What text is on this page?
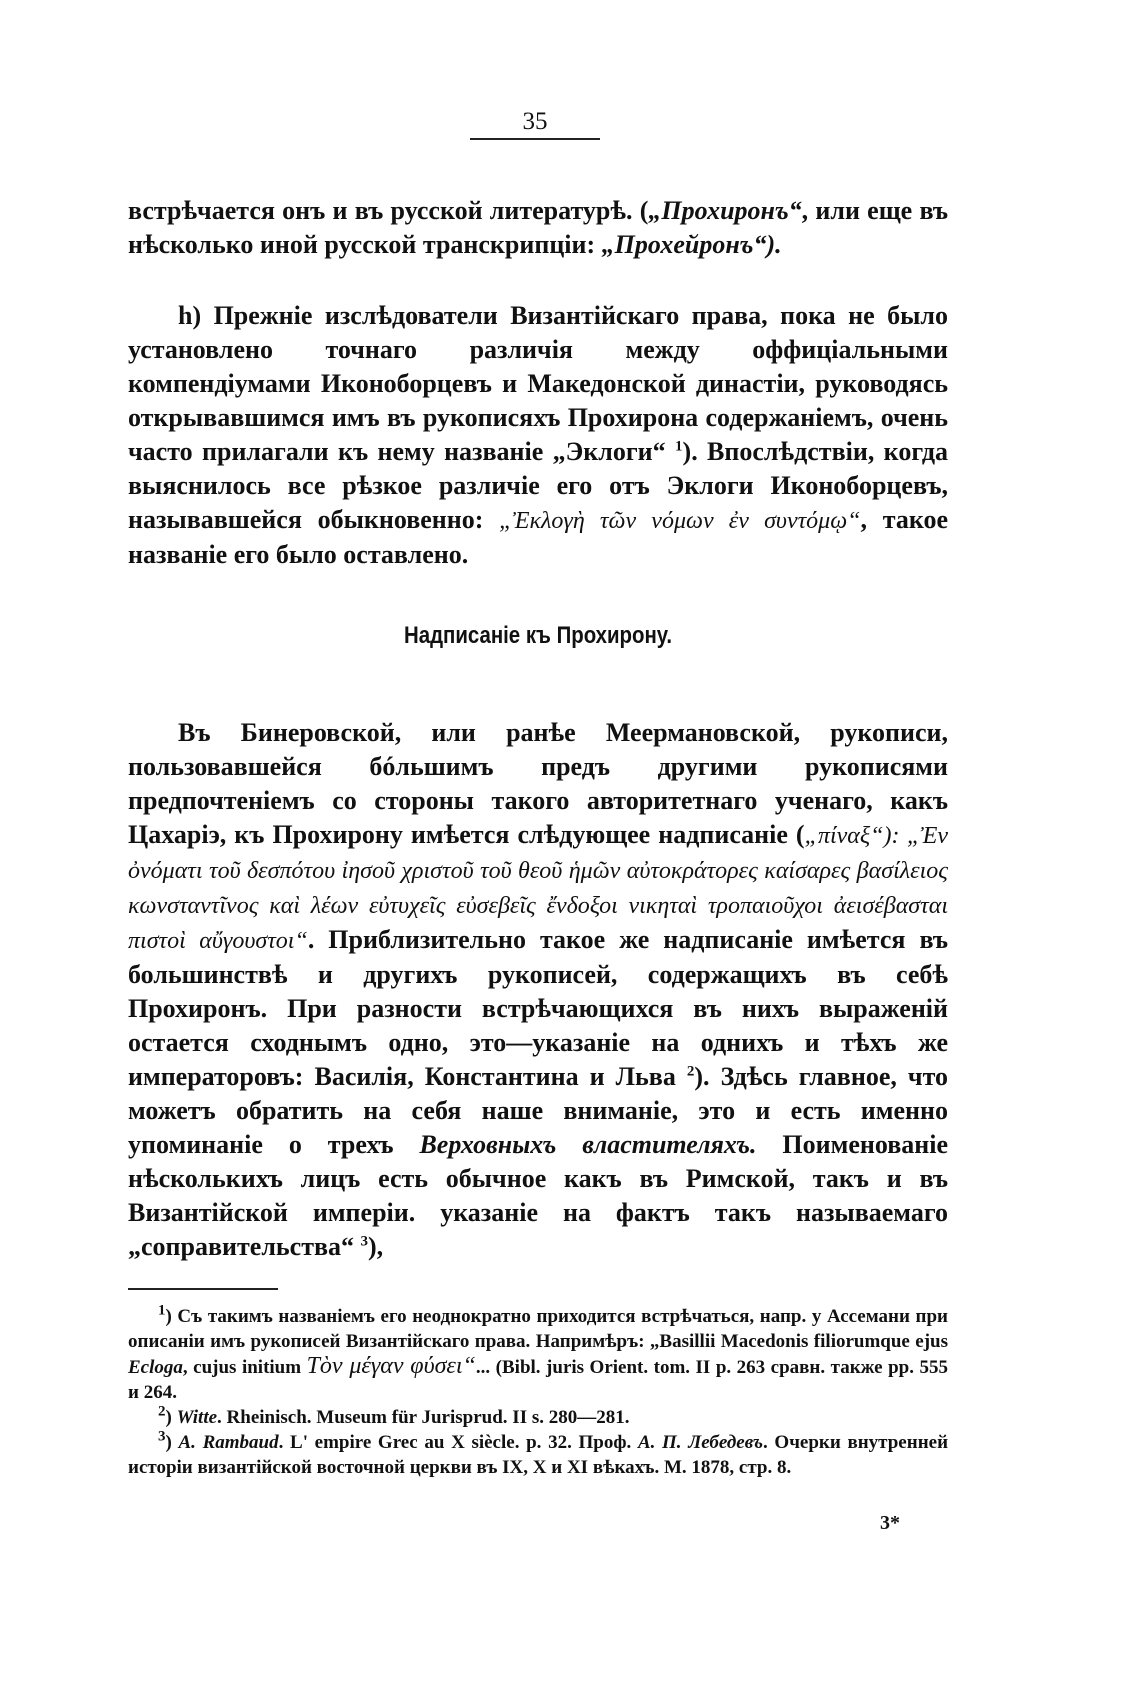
35

встрѣчается онъ и въ русской литературѣ. („Прохиронъ“, или еще въ нѣсколько иной русской транскрипціи: „Прохейронъ“).

h) Прежніе изслѣдователи Византійскаго права, пока не было установлено точнаго различія между оффиціальными компендіумами Иконоборцевъ и Македонской династіи, руководясь открывавшимся имъ въ рукописяхъ Прохирона содержаніемъ, очень часто прилагали къ нему названіе „Эклоги“ $^1$). Впослѣдствіи, когда выяснилось все рѣзкое различіе его отъ Эклоги Иконоборцевъ, называвшейся обыкновенно: „Ἐκλογὴ τῶν νόμων ἐν συντόμῳ“, такое названіе его было оставлено.

Надписаніе къ Прохирону.

Въ Бинеровской, или ранѣе Меермановской, рукописи, пользовавшейся бóльшимъ предъ другими рукописями предпочтеніемъ со стороны такого авторитетнаго ученаго, какъ Цахаріэ, къ Прохирону имѣется слѣдующее надписаніе („πίναξ“): „Ἐν ὀνόματι τοῦ δεσπότου ἰησοῦ χριστοῦ τοῦ θεοῦ ἡμῶν αὐτοκράτορες καίσαρες βασίλειος κωνσταντῖνος καὶ λέων εὐτυχεῖς εὐσεβεῖς ἔνδοξοι νικηταὶ τροπαιοῦχοι ἀεισέβασται πιστοὶ αὔγουστοι“. Приблизительно такое же надписаніе имѣется въ большинствѣ и другихъ рукописей, содержащихъ въ себѣ Прохиронъ. При разности встрѣчающихся въ нихъ выраженій остается сходнымъ одно, это—указаніе на однихъ и тѣхъ же императоровъ: Василія, Константина и Льва $^2$). Здѣсь главное, что можетъ обратить на себя наше вниманіе, это и есть именно упоминаніе о трехъ Верховныхъ властителяхъ. Поименованіе нѣсколькихъ лицъ есть обычное какъ въ Римской, такъ и въ Византійской имперіи. указаніе на фактъ такъ называемаго „соправительства“ $^3$),

$^1$) Съ такимъ названіемъ его неоднократно приходится встрѣчаться, напр. у Ассемани при описаніи имъ рукописей Византійскаго права. Напримѣръ: „Basillii Macedonis filiorumque ejus Ecloga, cujus initium Τὸν μέγαν φύσει“... (Bibl. juris Orient. tom. II p. 263 сравн. также pp. 555 и 264.

$^2$) Witte. Rheinisch. Museum für Jurisprud. II s. 280—281.

$^3$) A. Rambaud. L' empire Grec au X siècle. p. 32. Проф. А. П. Лебедевъ. Очерки внутренней исторіи византійской восточной церкви въ IX, X и XI вѣкахъ. М. 1878, стр. 8.

3*
